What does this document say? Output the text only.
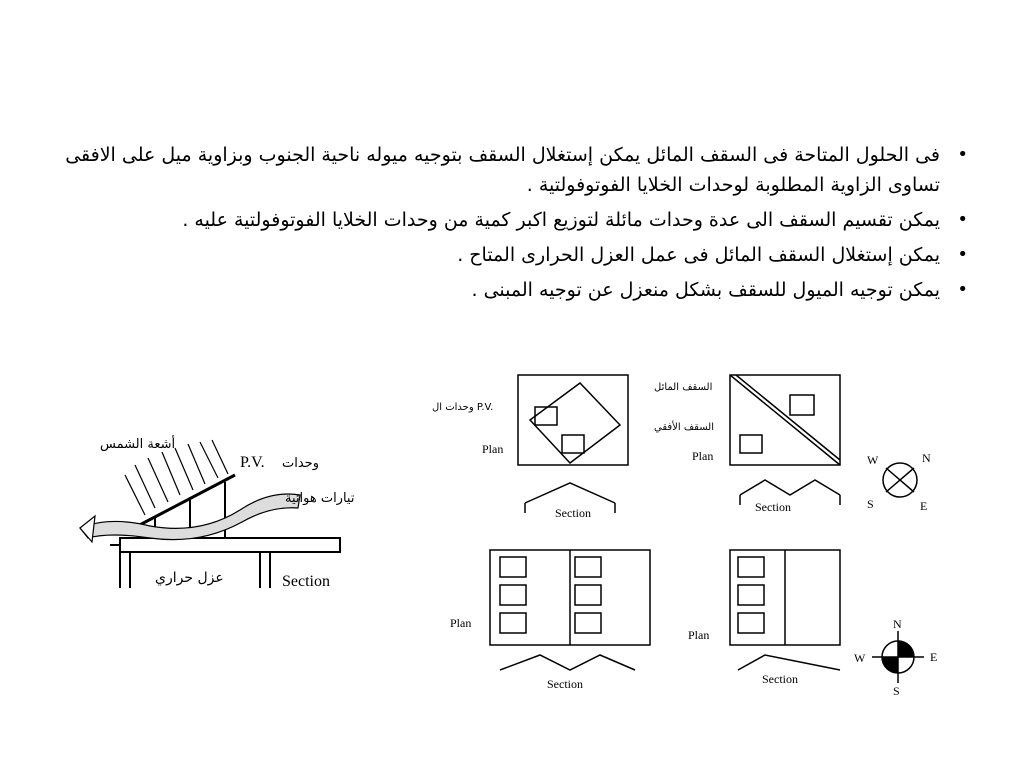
•
فى الحلول المتاحة فى السقف المائل يمكن إستغلال السقف بتوجيه ميوله ناحية الجنوب وبزاوية ميل على الافقى تساوى الزاوية المطلوبة لوحدات الخلايا الفوتوفولتية .
•
يمكن تقسيم السقف الى عدة وحدات مائلة لتوزيع اكبر كمية من وحدات الخلايا الفوتوفولتية عليه .
•
يمكن إستغلال السقف المائل فى عمل العزل الحرارى المتاح .
•
يمكن توجيه الميول للسقف بشكل منعزل عن توجيه المبنى .
أشعة الشمس
P.V. وحدات
تيارات هوائية
عزل حراري	Section
وحدات ال P.V.
السقف المائل
السقف الأفقي
Plan
Section
Plan
Section
Plan
Section
Plan
Section
W	N
S	E
N
W	E
S
